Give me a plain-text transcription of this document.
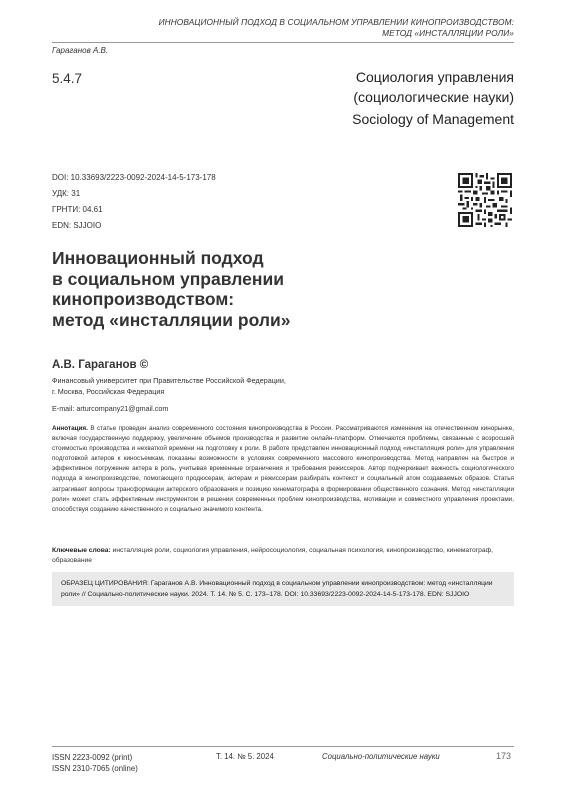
ИННОВАЦИОННЫЙ ПОДХОД В СОЦИАЛЬНОМ УПРАВЛЕНИИ КИНОПРОИЗВОДСТВОМ:
МЕТОД «ИНСТАЛЛЯЦИИ РОЛИ»
Гараганов А.В.
5.4.7	Социология управления
(социологические науки)
Sociology of Management
DOI: 10.33693/2223-0092-2024-14-5-173-178
УДК: 31
ГРНТИ: 04.61
EDN: SJJOIO
Инновационный подход
в социальном управлении
кинопроизводством:
метод «инсталляции роли»
А.В. Гараганов ©
Финансовый университет при Правительстве Российской Федерации,
г. Москва, Российская Федерация
E-mail: arturcompany21@gmail.com
Аннотация. В статье проведен анализ современного состояния кинопроизводства в России. Рассматриваются изменения на отечественном кинорынке, включая государственную поддержку, увеличение объемов производства и развитие онлайн-платформ. Отмечаются проблемы, связанные с возросшей стоимостью производства и нехваткой времени на подготовку к роли. В работе представлен инновационный подход «инсталляция роли» для управления подготовкой актеров к киносъемкам, показаны возможности в условиях современного массового кинопроизводства. Метод направлен на быстрое и эффективное погружение актера в роль, учитывая временные ограничения и требования режиссеров. Автор подчеркивает важность социологического подхода в кинопроизводстве, помогающего продюсерам, актерам и режиссерам разбирать контекст и социальный атом создаваемых образов. Статья затрагивает вопросы трансформации актерского образования и позицию кинематографа в формировании общественного сознания. Метод «инсталляции роли» может стать эффективным инструментом в решении современных проблем кинопроизводства, мотивации и совместного управления проектами, способствуя созданию качественного и социально значимого контента.
Ключевые слова: инсталляция роли, социология управления, нейросоциология, социальная психология, кинопроизводство, кинематограф, образование
ОБРАЗЕЦ ЦИТИРОВАНИЯ: Гараганов А.В. Инновационный подход в социальном управлении кинопроизводством: метод «инсталляции роли» // Социально-политические науки. 2024. Т. 14. № 5. С. 173–178. DOI: 10.33693/2223-0092-2024-14-5-173-178. EDN: SJJOIO
ISSN 2223-0092 (print)
ISSN 2310-7065 (online)
Т. 14. № 5. 2024	Социально-политические науки	173
